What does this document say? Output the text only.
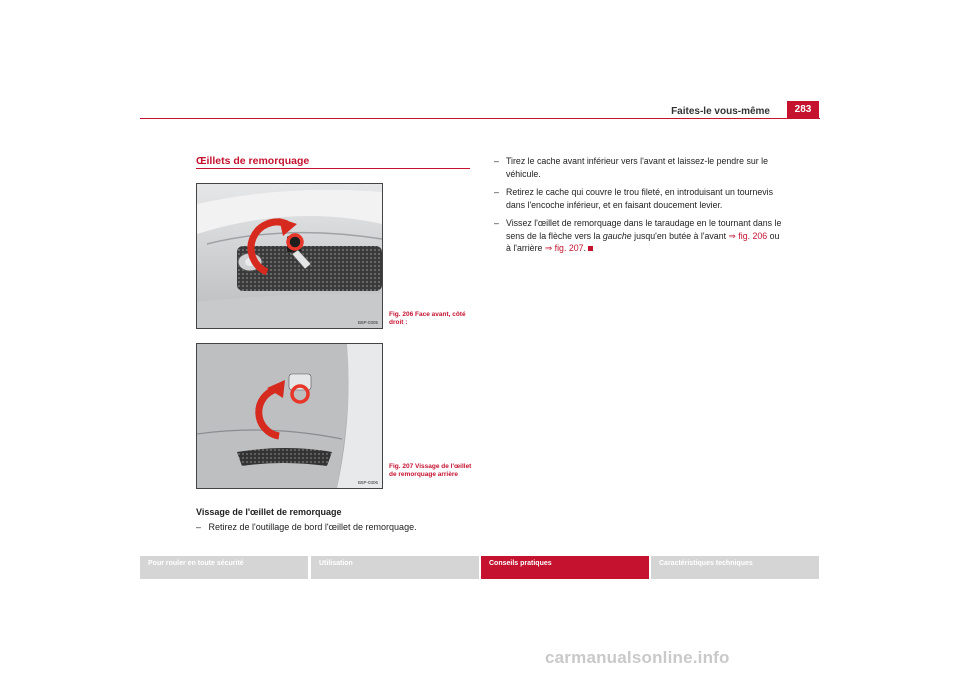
Faites-le vous-même	283
Œillets de remorquage
B5P-0305
Fig. 206 Face avant, côté droit :
B5P-0306
Fig. 207 Vissage de l'œillet de remorquage arrière
Vissage de l'œillet de remorquage
– Retirez de l'outillage de bord l'œillet de remorquage.
– Tirez le cache avant inférieur vers l'avant et laissez-le pendre sur le véhicule.
– Retirez le cache qui couvre le trou fileté, en introduisant un tournevis dans l'encoche inférieur, et en faisant doucement levier.
– Vissez l'œillet de remorquage dans le taraudage en le tournant dans le sens de la flèche vers la gauche jusqu'en butée à l'avant ⇒ fig. 206 ou à l'arrière ⇒ fig. 207.
Pour rouler en toute sécurité	Utilisation	Conseils pratiques	Caractéristiques techniques
carmanualsonline.info
